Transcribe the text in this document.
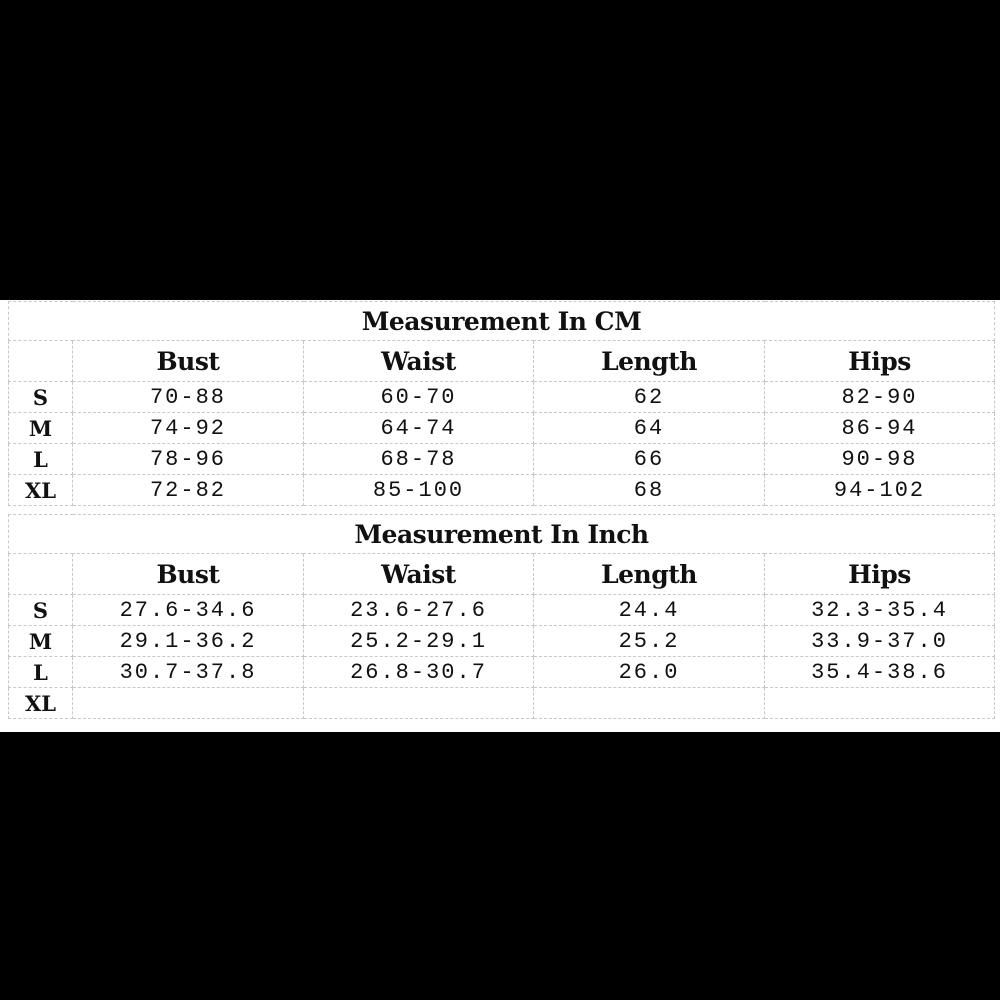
Measurement In CM				
	Bust	Waist	Length	Hips
S	70-88	60-70	62	82-90
M	74-92	64-74	64	86-94
L	78-96	68-78	66	90-98
XL	72-82	85-100	68	94-102
Measurement In Inch				
	Bust	Waist	Length	Hips
S	27.6-34.6	23.6-27.6	24.4	32.3-35.4
M	29.1-36.2	25.2-29.1	25.2	33.9-37.0
L	30.7-37.8	26.8-30.7	26.0	35.4-38.6
XL				
